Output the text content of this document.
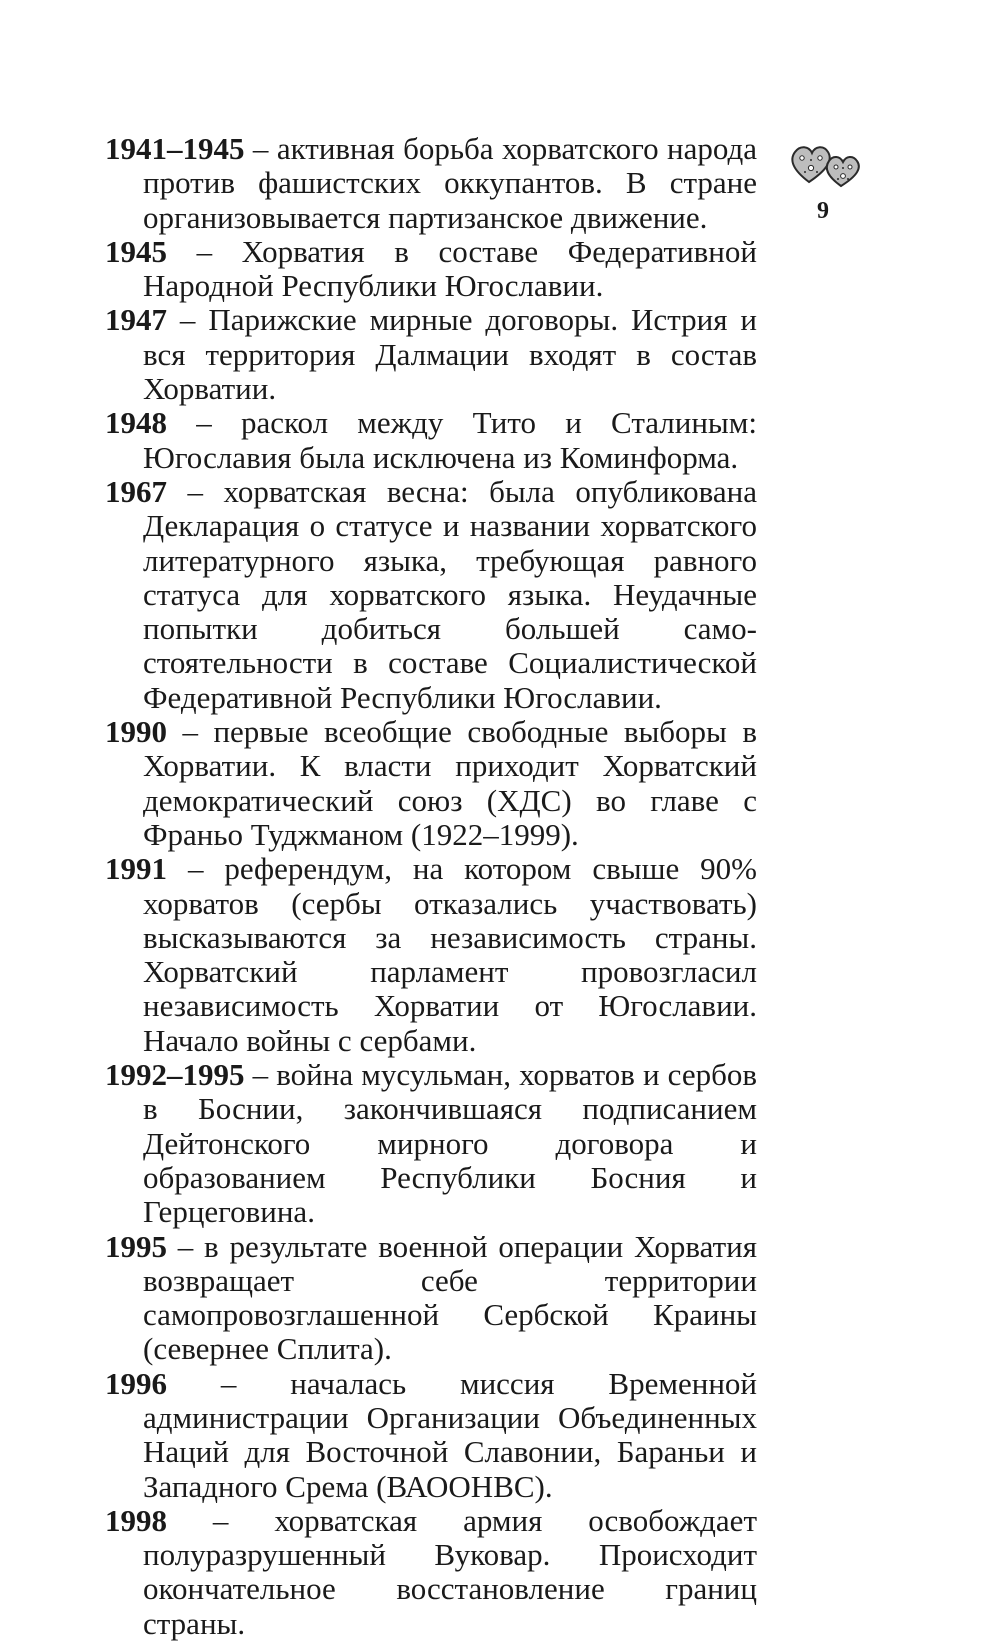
9
1941–1945 – активная борьба хорватского народа против фашистских оккупантов. В стране организовывается партизанское движение.
1945 – Хорватия в составе Федеративной Народной Республики Югославии.
1947 – Парижские мирные договоры. Истрия и вся территория Далмации входят в состав Хорватии.
1948 – раскол между Тито и Сталиным: Югославия была исключена из Коминформа.
1967 – хорватская весна: была опубликована Декларация о статусе и названии хорватского литературного языка, требующая равного статуса для хорватского языка. Неудачные попытки добиться большей самостоятельности в составе Социалистической Федеративной Республики Югославии.
1990 – первые всеобщие свободные выборы в Хорватии. К власти приходит Хорватский демократический союз (ХДС) во главе с Франьо Туджманом (1922–1999).
1991 – референдум, на котором свыше 90% хорватов (сербы отказались участвовать) высказываются за независимость страны. Хорватский парламент провозгласил независимость Хорватии от Югославии. Начало войны с сербами.
1992–1995 – война мусульман, хорватов и сербов в Боснии, закончившаяся подписанием Дейтонского мирного договора и образованием Республики Босния и Герцеговина.
1995 – в результате военной операции Хорватия возвращает себе территории самопровозглашенной Сербской Краины (севернее Сплита).
1996 – началась миссия Временной администрации Организации Объединенных Наций для Восточной Славонии, Бараньи и Западного Срема (ВАООНВС).
1998 – хорватская армия освобождает полуразрушенный Вуковар. Происходит окончательное восстановление границ страны.
